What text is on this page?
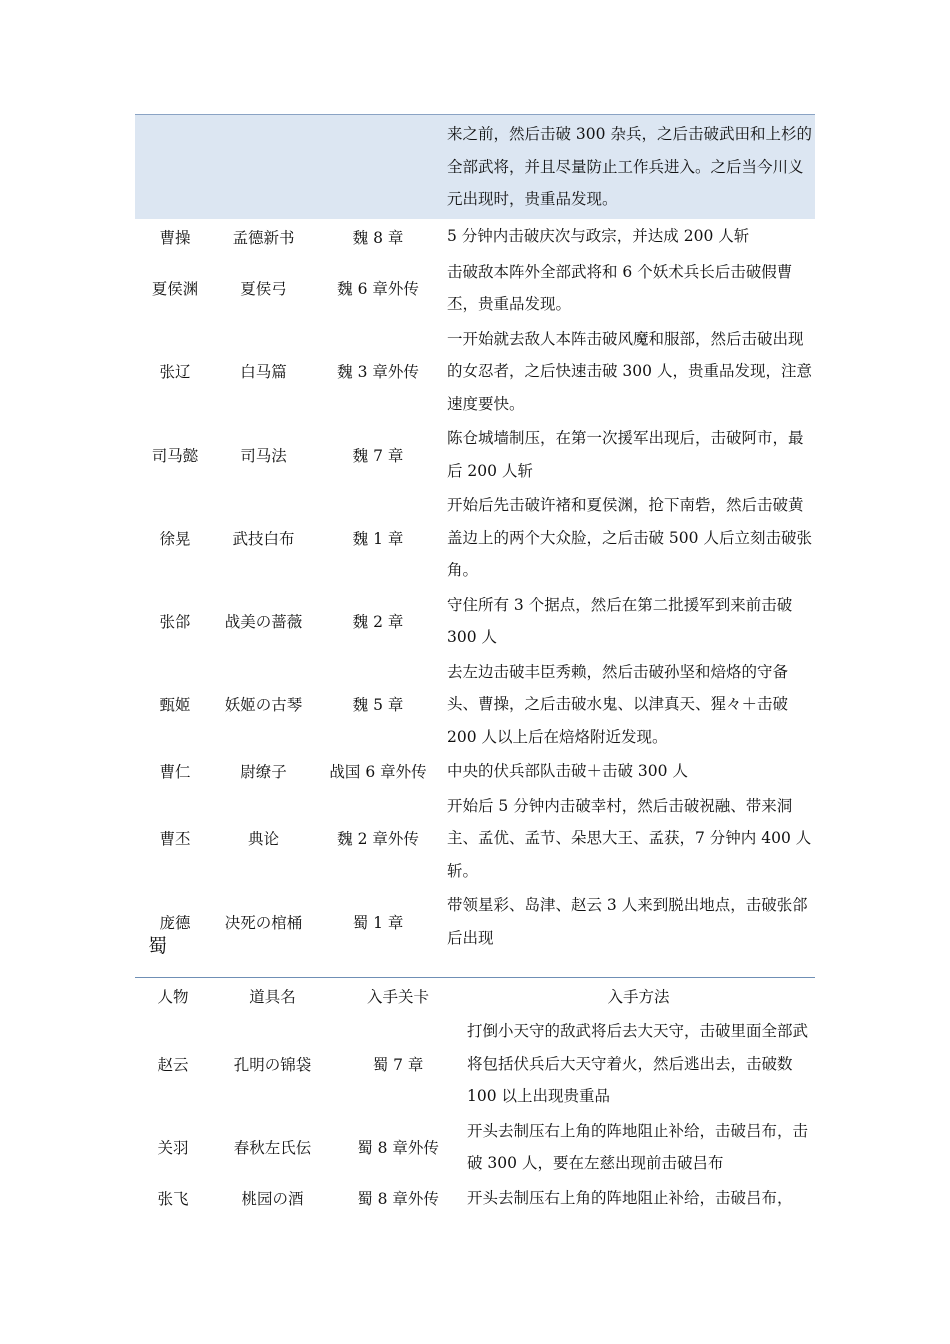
			来之前，然后击破 300 杂兵，之后击破武田和上杉的全部武将，并且尽量防止工作兵进入。之后当今川义元出现时，贵重品发现。
曹操	孟德新书	魏 8 章	5 分钟内击破庆次与政宗，并达成 200 人斩
夏侯渊	夏侯弓	魏 6 章外传	击破敌本阵外全部武将和 6 个妖术兵长后击破假曹丕，贵重品发现。
张辽	白马篇	魏 3 章外传	一开始就去敌人本阵击破风魔和服部，然后击破出现的女忍者，之后快速击破 300 人，贵重品发现，注意速度要快。
司马懿	司马法	魏 7 章	陈仓城墙制压，在第一次援军出现后，击破阿市，最后 200 人斩
徐晃	武技白布	魏 1 章	开始后先击破许褚和夏侯渊，抢下南砦，然后击破黄盖边上的两个大众脸，之后击破 500 人后立刻击破张角。
张郃	战美の蔷薇	魏 2 章	守住所有 3 个据点，然后在第二批援军到来前击破 300 人
甄姬	妖姬の古琴	魏 5 章	去左边击破丰臣秀赖，然后击破孙坚和焙烙的守备头、曹操，之后击破水鬼、以津真天、猩々＋击破 200 人以上后在焙烙附近发现。
曹仁	尉缭子	战国 6 章外传	中央的伏兵部队击破＋击破 300 人
曹丕	典论	魏 2 章外传	开始后 5 分钟内击破幸村，然后击破祝融、带来洞主、孟优、孟节、朵思大王、孟获，7 分钟内 400 人斩。
庞德	决死の棺桶	蜀 1 章	带领星彩、岛津、赵云 3 人来到脱出地点，击破张郃后出现
蜀
人物	道具名	入手关卡	入手方法
赵云	孔明の锦袋	蜀 7 章	打倒小天守的敌武将后去大天守，击破里面全部武将包括伏兵后大天守着火，然后逃出去，击破数 100 以上出现贵重品
关羽	春秋左氏伝	蜀 8 章外传	开头去制压右上角的阵地阻止补给，击破吕布，击破 300 人，要在左慈出现前击破吕布
张飞	桃园の酒	蜀 8 章外传	开头去制压右上角的阵地阻止补给，击破吕布，
